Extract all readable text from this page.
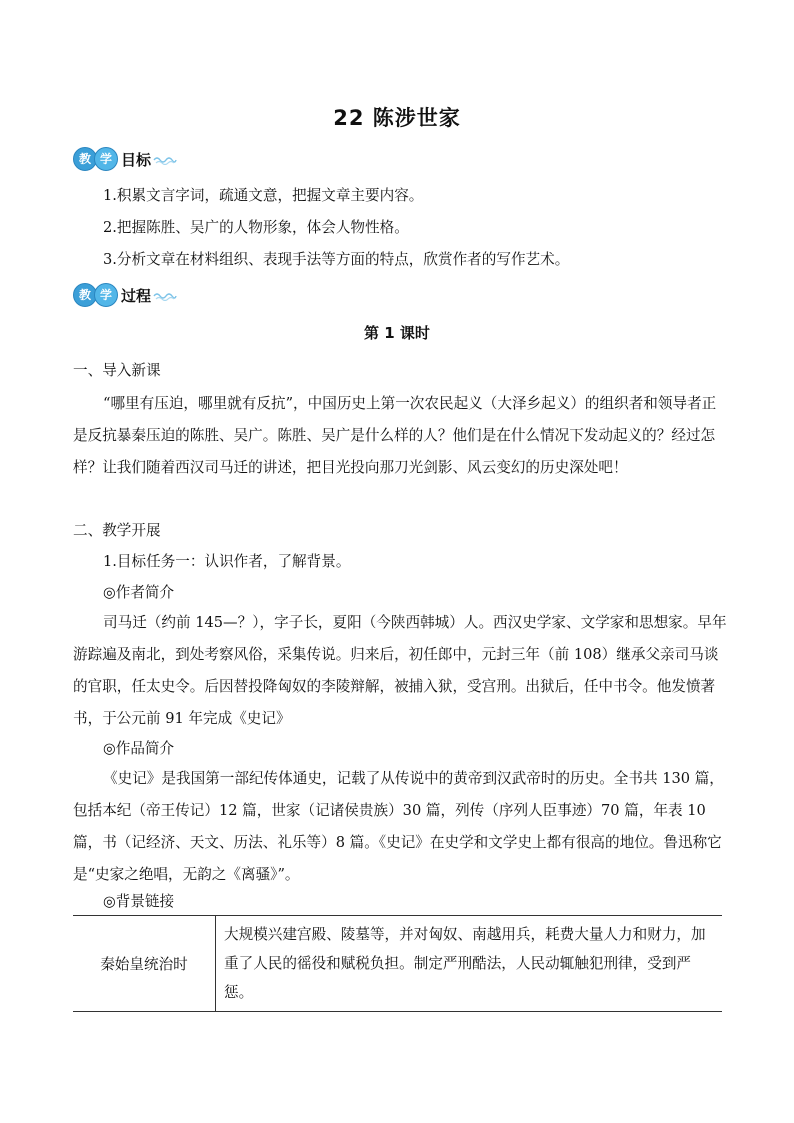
22 陈涉世家
教 学 目标

1.积累文言字词，疏通文意，把握文章主要内容。

2.把握陈胜、吴广的人物形象，体会人物性格。

3.分析文章在材料组织、表现手法等方面的特点，欣赏作者的写作艺术。

教 学 过程
第 1 课时

一、导入新课

“哪里有压迫，哪里就有反抗”，中国历史上第一次农民起义（大泽乡起义）的组织者和领导者正是反抗暴秦压迫的陈胜、吴广。陈胜、吴广是什么样的人？他们是在什么情况下发动起义的？经过怎样？让我们随着西汉司马迁的讲述，把目光投向那刀光剑影、风云变幻的历史深处吧！

二、教学开展

1.目标任务一：认识作者，了解背景。

◎作者简介

司马迁（约前 145—？），字子长，夏阳（今陕西韩城）人。西汉史学家、文学家和思想家。早年游踪遍及南北，到处考察风俗，采集传说。归来后，初任郎中，元封三年（前 108）继承父亲司马谈的官职，任太史令。后因替投降匈奴的李陵辩解，被捕入狱，受宫刑。出狱后，任中书令。他发愤著书，于公元前 91 年完成《史记》

◎作品简介

《史记》是我国第一部纪传体通史，记载了从传说中的黄帝到汉武帝时的历史。全书共 130 篇，包括本纪（帝王传记）12 篇，世家（记诸侯贵族）30 篇，列传（序列人臣事迹）70 篇，年表 10 篇，书（记经济、天文、历法、礼乐等）8 篇。《史记》在史学和文学史上都有很高的地位。鲁迅称它是“史家之绝唱，无韵之《离骚》”。

◎背景链接

秦始皇统治时	大规模兴建宫殿、陵墓等，并对匈奴、南越用兵，耗费大量人力和财力，加重了人民的徭役和赋税负担。制定严刑酷法，人民动辄触犯刑律，受到严惩。
